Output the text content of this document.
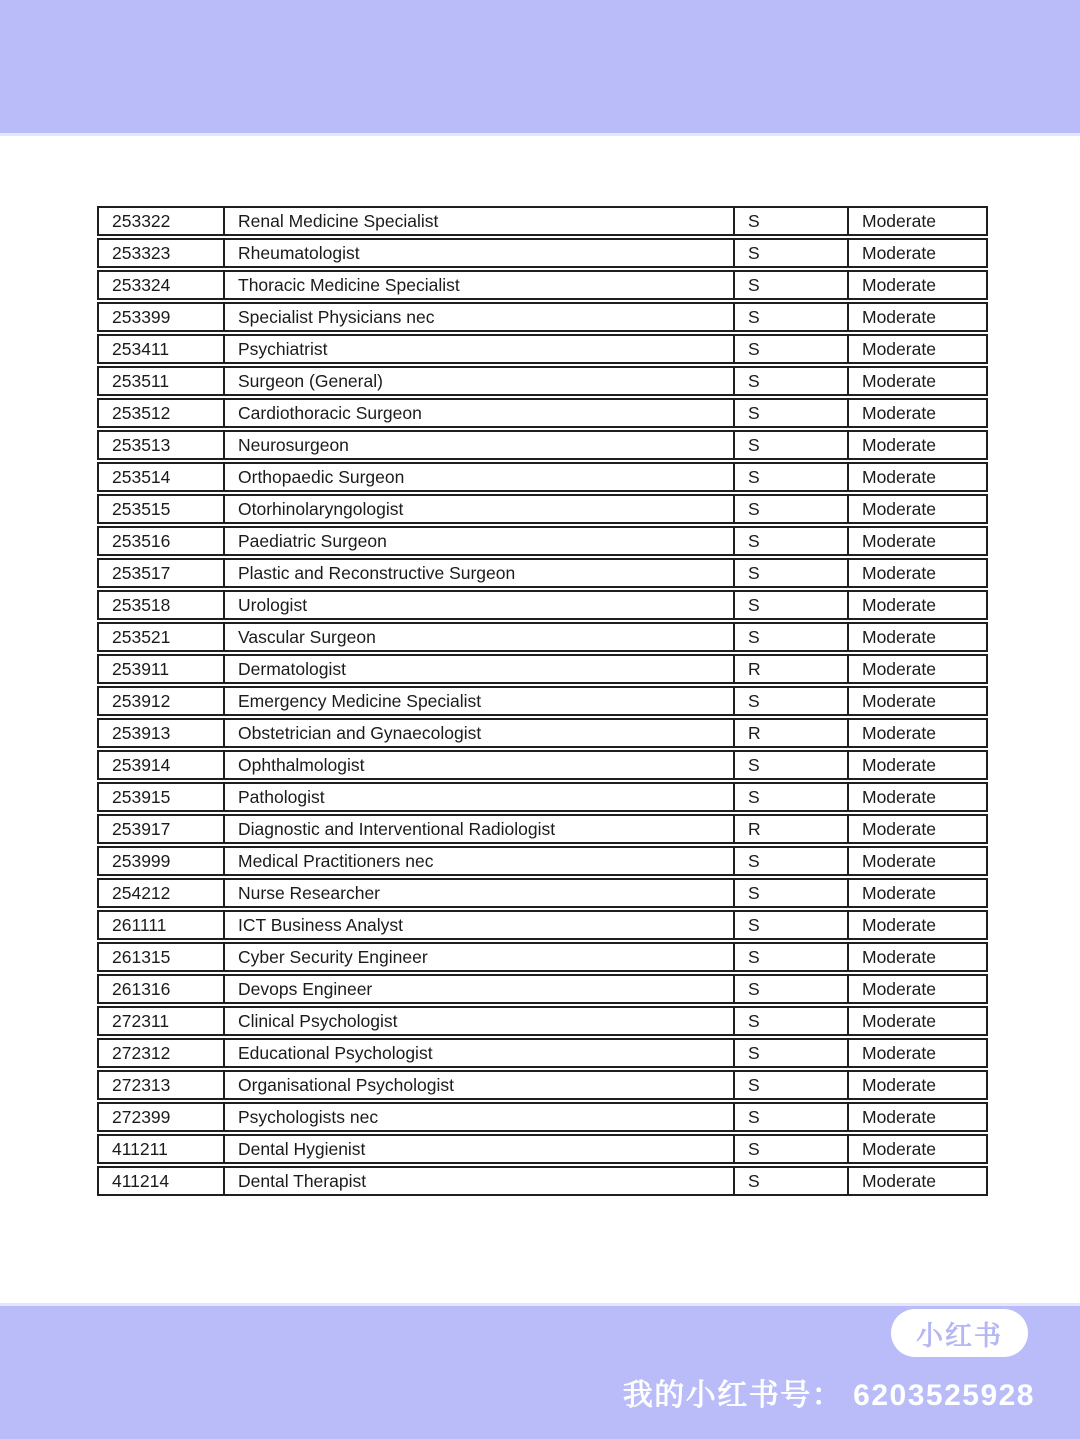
253322	Renal Medicine Specialist	S	Moderate
253323	Rheumatologist	S	Moderate
253324	Thoracic Medicine Specialist	S	Moderate
253399	Specialist Physicians nec	S	Moderate
253411	Psychiatrist	S	Moderate
253511	Surgeon (General)	S	Moderate
253512	Cardiothoracic Surgeon	S	Moderate
253513	Neurosurgeon	S	Moderate
253514	Orthopaedic Surgeon	S	Moderate
253515	Otorhinolaryngologist	S	Moderate
253516	Paediatric Surgeon	S	Moderate
253517	Plastic and Reconstructive Surgeon	S	Moderate
253518	Urologist	S	Moderate
253521	Vascular Surgeon	S	Moderate
253911	Dermatologist	R	Moderate
253912	Emergency Medicine Specialist	S	Moderate
253913	Obstetrician and Gynaecologist	R	Moderate
253914	Ophthalmologist	S	Moderate
253915	Pathologist	S	Moderate
253917	Diagnostic and Interventional Radiologist	R	Moderate
253999	Medical Practitioners nec	S	Moderate
254212	Nurse Researcher	S	Moderate
261111	ICT Business Analyst	S	Moderate
261315	Cyber Security Engineer	S	Moderate
261316	Devops Engineer	S	Moderate
272311	Clinical Psychologist	S	Moderate
272312	Educational Psychologist	S	Moderate
272313	Organisational Psychologist	S	Moderate
272399	Psychologists nec	S	Moderate
411211	Dental Hygienist	S	Moderate
411214	Dental Therapist	S	Moderate
小红书
我的小红书号： 6203525928
